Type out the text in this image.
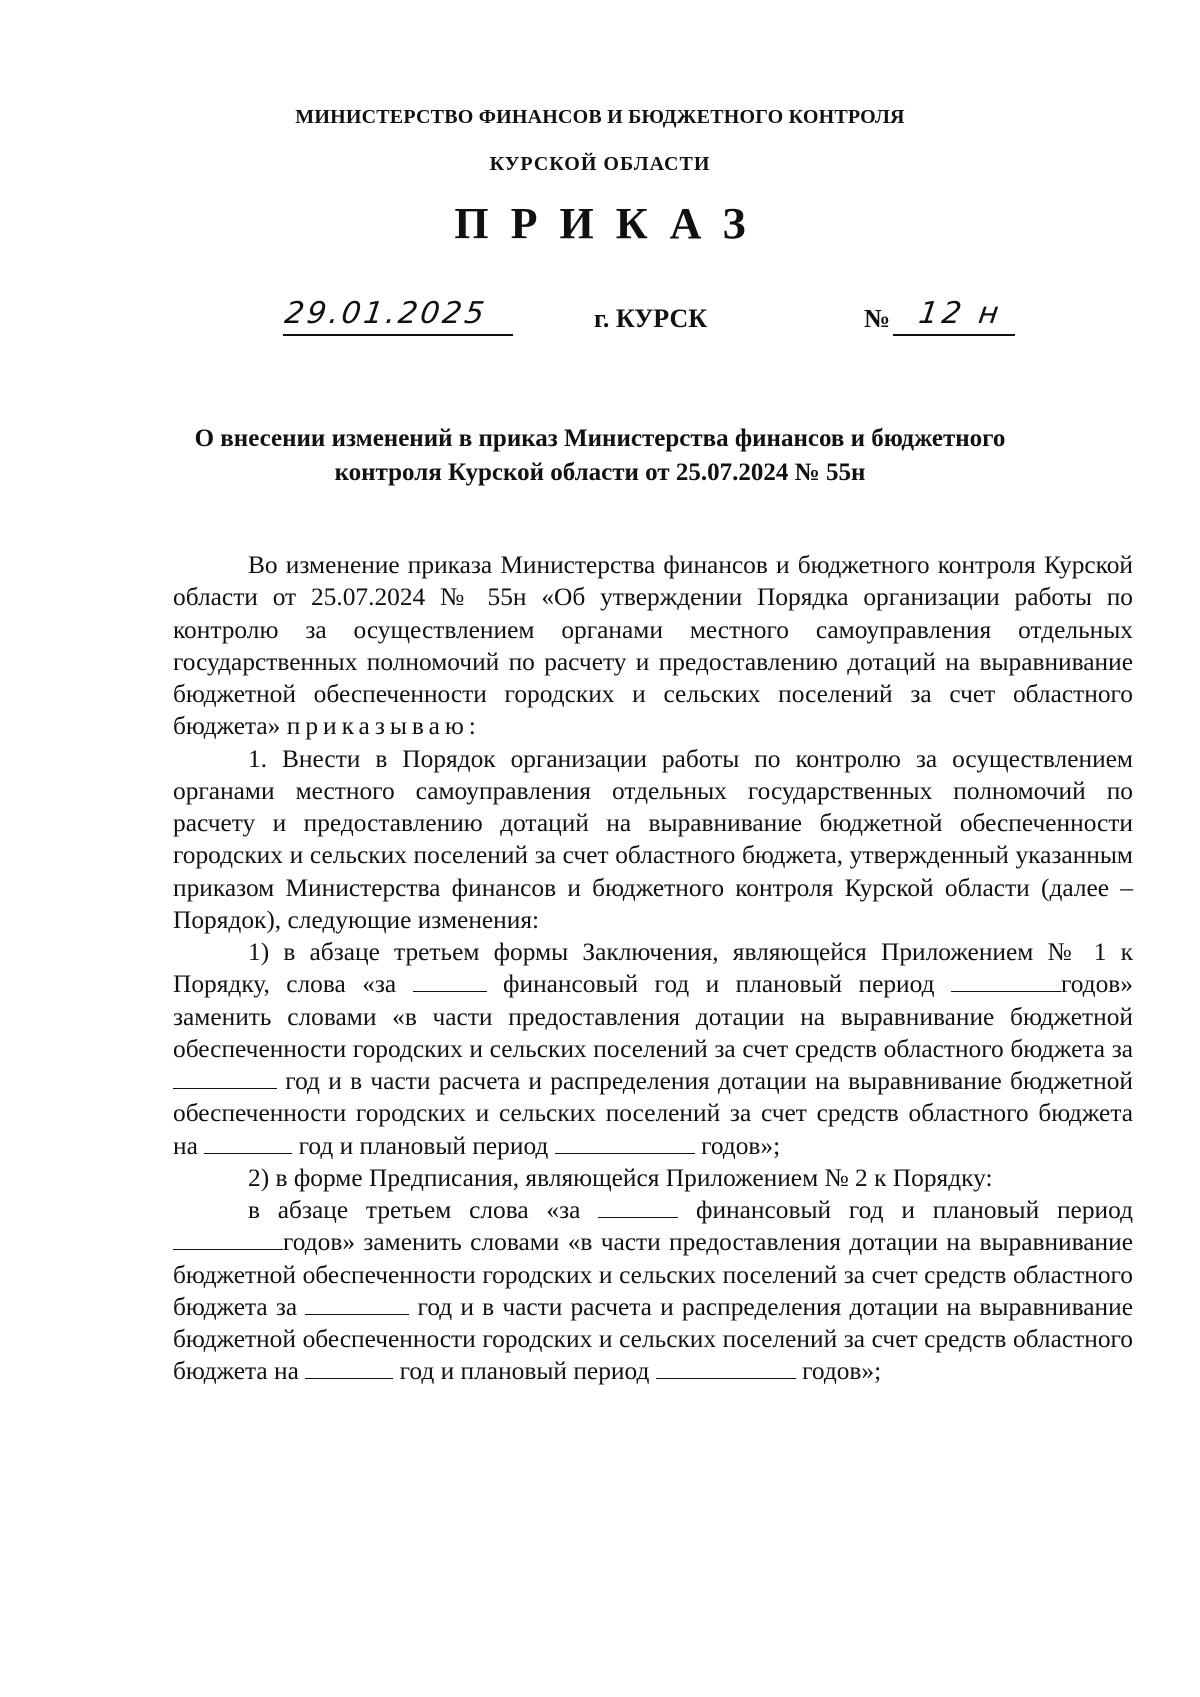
МИНИСТЕРСТВО ФИНАНСОВ И БЮДЖЕТНОГО КОНТРОЛЯ
КУРСКОЙ ОБЛАСТИ
ПРИКАЗ
29.01.2025	г. КУРСК	№ 12 н
О внесении изменений в приказ Министерства финансов и бюджетного
контроля Курской области от 25.07.2024 № 55н

Во изменение приказа Министерства финансов и бюджетного контроля Курской области от 25.07.2024 № 55н «Об утверждении Порядка организации работы по контролю за осуществлением органами местного самоуправления отдельных государственных полномочий по расчету и предоставлению дотаций на выравнивание бюджетной обеспеченности городских и сельских поселений за счет областного бюджета» приказываю:

1. Внести в Порядок организации работы по контролю за осуществлением органами местного самоуправления отдельных государственных полномочий по расчету и предоставлению дотаций на выравнивание бюджетной обеспеченности городских и сельских поселений за счет областного бюджета, утвержденный указанным приказом Министерства финансов и бюджетного контроля Курской области (далее – Порядок), следующие изменения:

1) в абзаце третьем формы Заключения, являющейся Приложением № 1 к Порядку, слова «за	финансовый год и плановый период	годов» заменить словами «в части предоставления дотации на выравнивание бюджетной обеспеченности городских и сельских поселений за счет средств областного бюджета за  год и в части расчета и распределения дотации на выравнивание бюджетной обеспеченности городских и сельских поселений за счет средств областного бюджета на	год и плановый период	годов»;

2) в форме Предписания, являющейся Приложением № 2 к Порядку:

в абзаце третьем слова «за	финансовый год и плановый период годов» заменить словами «в части предоставления дотации на выравнивание бюджетной обеспеченности городских и сельских поселений за счет средств областного бюджета за	год и в части расчета и распределения дотации на выравнивание бюджетной обеспеченности городских и сельских поселений за счет средств областного бюджета на	год и плановый период	годов»;
